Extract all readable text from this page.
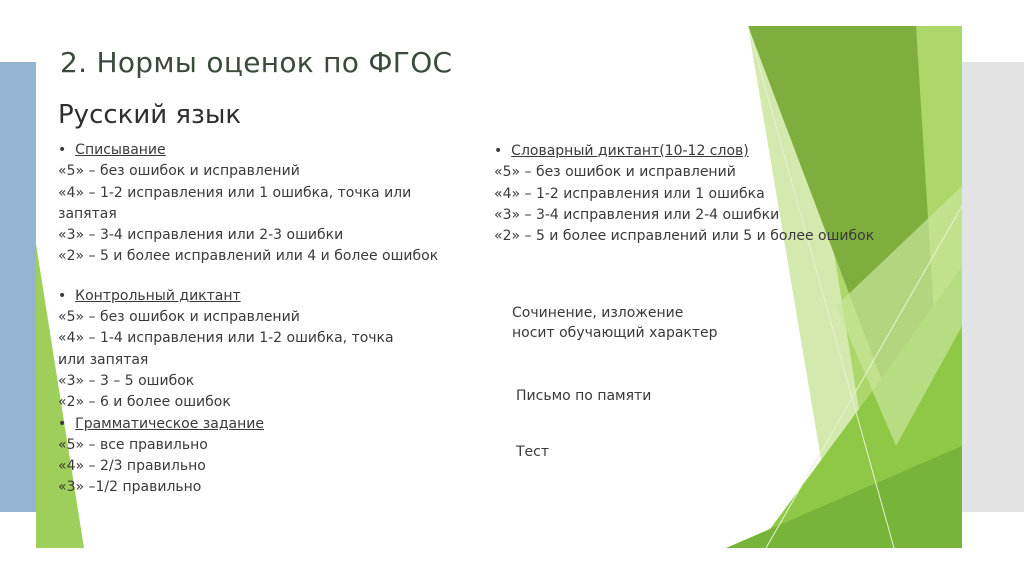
2. Нормы оценок по ФГОС
Русский язык
• Списывание
«5» – без ошибок и исправлений
«4» – 1-2 исправления или 1 ошибка, точка или
запятая
«3» – 3-4 исправления или 2-3 ошибки
«2» – 5 и более исправлений или 4 и более ошибок
• Контрольный диктант
«5» – без ошибок и исправлений
«4» – 1-4 исправления или 1-2 ошибка, точка
или запятая
«3» – 3 – 5 ошибок
«2» – 6 и более ошибок
• Грамматическое задание
«5» – все правильно
«4» – 2/3 правильно
«3» –1/2 правильно
• Словарный диктант(10-12 слов)
«5» – без ошибок и исправлений
«4» – 1-2 исправления или 1 ошибка
«3» – 3-4 исправления или 2-4 ошибки
«2» – 5 и более исправлений или 5 и более ошибок
Сочинение, изложение
носит обучающий характер
Письмо по памяти
Тест
